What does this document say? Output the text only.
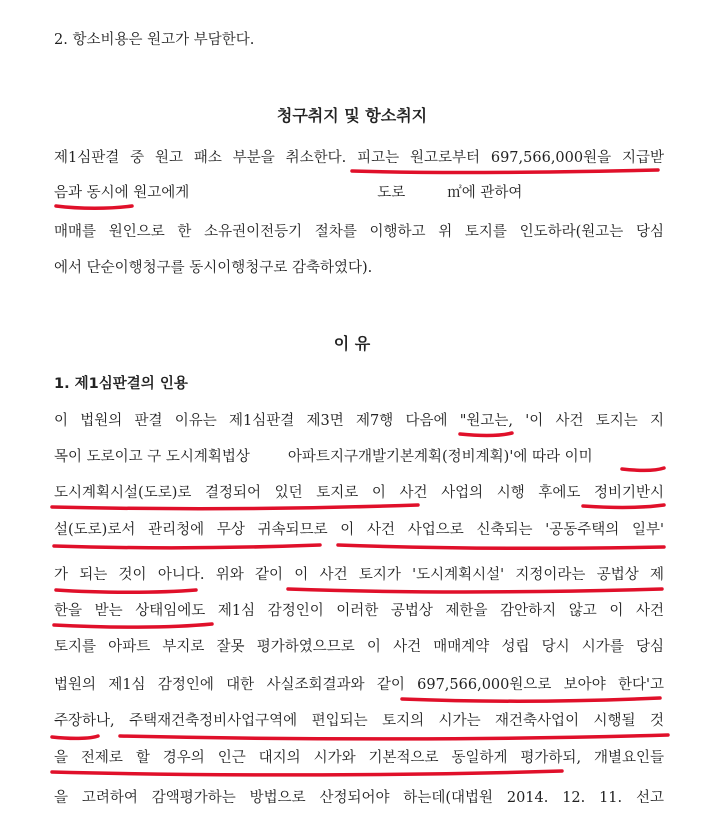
2. 항소비용은 원고가 부담한다.
청구취지 및 항소취지
제1심판결 중 원고 패소 부분을 취소한다. 피고는 원고로부터 697,566,000원을 지급받
음과 동시에 원고에게	도로	㎡에 관하여
매매를 원인으로 한 소유권이전등기 절차를 이행하고 위 토지를 인도하라(원고는 당심
에서 단순이행청구를 동시이행청구로 감축하였다).
이 유
1. 제1심판결의 인용
이 법원의 판결 이유는 제1심판결 제3면 제7행 다음에 "원고는, '이 사건 토지는 지
목이 도로이고 구 도시계획법상	아파트지구개발기본계획(정비계획)'에 따라 이미
도시계획시설(도로)로 결정되어 있던 토지로 이 사건 사업의 시행 후에도 정비기반시
설(도로)로서 관리청에 무상 귀속되므로 이 사건 사업으로 신축되는 '공동주택의 일부'
가 되는 것이 아니다. 위와 같이 이 사건 토지가 '도시계획시설' 지정이라는 공법상 제
한을 받는 상태임에도 제1심 감정인이 이러한 공법상 제한을 감안하지 않고 이 사건
토지를 아파트 부지로 잘못 평가하였으므로 이 사건 매매계약 성립 당시 시가를 당심
법원의 제1심 감정인에 대한 사실조회결과와 같이 697,566,000원으로 보아야 한다'고
주장하나, 주택재건축정비사업구역에 편입되는 토지의 시가는 재건축사업이 시행될 것
을 전제로 할 경우의 인근 대지의 시가와 기본적으로 동일하게 평가하되, 개별요인들
을 고려하여 감액평가하는 방법으로 산정되어야 하는데(대법원 2014. 12. 11. 선고
